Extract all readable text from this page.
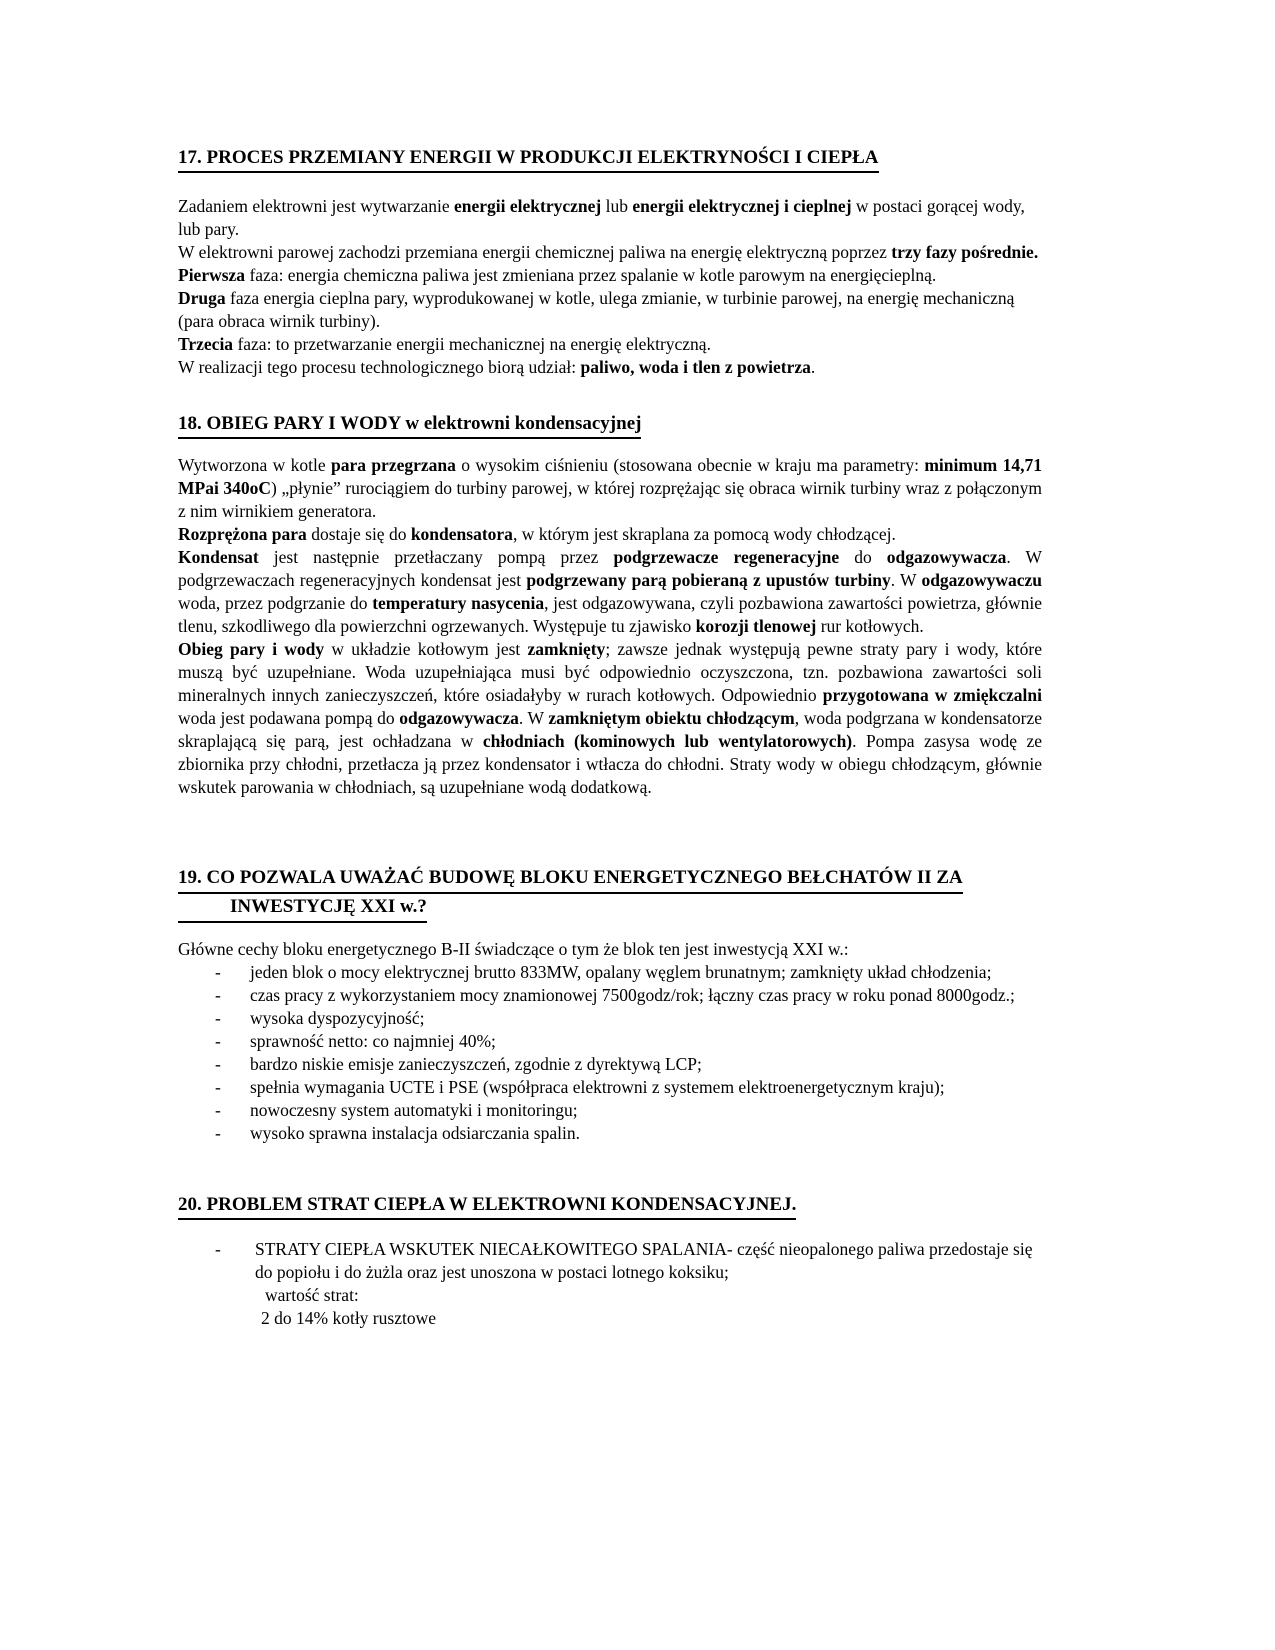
17. PROCES PRZEMIANY ENERGII W PRODUKCJI ELEKTRYNOŚCI I CIEPŁA
Zadaniem elektrowni jest wytwarzanie energii elektrycznej lub energii elektrycznej i cieplnej w postaci gorącej wody, lub pary.
W elektrowni parowej zachodzi przemiana energii chemicznej paliwa na energię elektryczną poprzez trzy fazy pośrednie.
Pierwsza faza: energia chemiczna paliwa jest zmieniana przez spalanie w kotle parowym na energięcieplną.
Druga faza energia cieplna pary, wyprodukowanej w kotle, ulega zmianie, w turbinie parowej, na energię mechaniczną (para obraca wirnik turbiny).
Trzecia faza: to przetwarzanie energii mechanicznej na energię elektryczną.
W realizacji tego procesu technologicznego biorą udział: paliwo, woda i tlen z powietrza.
18. OBIEG PARY I WODY w elektrowni kondensacyjnej
Wytworzona w kotle para przegrzana o wysokim ciśnieniu (stosowana obecnie w kraju ma parametry: minimum 14,71 MPai 340oC) „płynie” rurociągiem do turbiny parowej, w której rozprężając się obraca wirnik turbiny wraz z połączonym z nim wirnikiem generatora.
Rozprężona para dostaje się do kondensatora, w którym jest skraplana za pomocą wody chłodzącej.
Kondensat jest następnie przetłaczany pompą przez podgrzewacze regeneracyjne do odgazowywacza. W podgrzewaczach regeneracyjnych kondensat jest podgrzewany parą pobieraną z upustów turbiny. W odgazowywaczu woda, przez podgrzanie do temperatury nasycenia, jest odgazowywana, czyli pozbawiona zawartości powietrza, głównie tlenu, szkodliwego dla powierzchni ogrzewanych. Występuje tu zjawisko korozji tlenowej rur kotłowych.
Obieg pary i wody w układzie kotłowym jest zamknięty; zawsze jednak występują pewne straty pary i wody, które muszą być uzupełniane. Woda uzupełniająca musi być odpowiednio oczyszczona, tzn. pozbawiona zawartości soli mineralnych innych zanieczyszczeń, które osiadałyby w rurach kotłowych. Odpowiednio przygotowana w zmiękczalni woda jest podawana pompą do odgazowywacza. W zamkniętym obiektu chłodzącym, woda podgrzana w kondensatorze skraplającą się parą, jest ochładzana w chłodniach (kominowych lub wentylatorowych). Pompa zasysa wodę ze zbiornika przy chłodni, przetłacza ją przez kondensator i wtłacza do chłodni. Straty wody w obiegu chłodzącym, głównie wskutek parowania w chłodniach, są uzupełniane wodą dodatkową.
19. CO POZWALA UWAŻAĆ BUDOWĘ BLOKU ENERGETYCZNEGO BEŁCHATÓW II ZA
INWESTYCJĘ XXI w.?
Główne cechy bloku energetycznego B-II świadczące o tym że blok ten jest inwestycją XXI w.:
-	jeden blok o mocy elektrycznej brutto 833MW, opalany węglem brunatnym; zamknięty układ chłodzenia;
-	czas pracy z wykorzystaniem mocy znamionowej 7500godz/rok; łączny czas pracy w roku ponad 8000godz.;
-	wysoka dyspozycyjność;
-	sprawność netto: co najmniej 40%;
-	bardzo niskie emisje zanieczyszczeń, zgodnie z dyrektywą LCP;
-	spełnia wymagania UCTE i PSE (współpraca elektrowni z systemem elektroenergetycznym kraju);
-	nowoczesny system automatyki i monitoringu;
-	wysoko sprawna instalacja odsiarczania spalin.
20. PROBLEM STRAT CIEPŁA W ELEKTROWNI KONDENSACYJNEJ.
-	STRATY CIEPŁA WSKUTEK NIECAŁKOWITEGO SPALANIA- część nieopalonego paliwa przedostaje się do popiołu i do żużla oraz jest unoszona w postaci lotnego koksiku;
wartość strat:
2 do 14% kotły rusztowe
